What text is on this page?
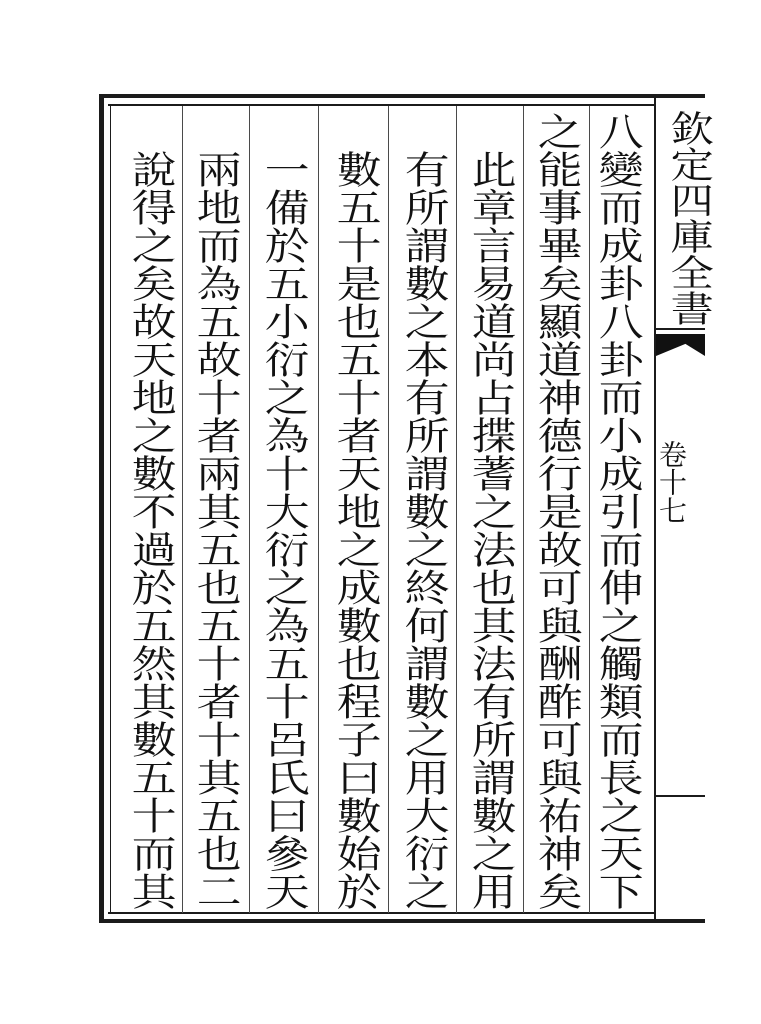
八變而成卦八卦而小成引而伸之觸類而長之天下
之能事畢矣顯道神德行是故可與酬酢可與祐神矣
此章言易道尚占揲蓍之法也其法有所謂數之用
有所謂數之本有所謂數之終何謂數之用大衍之
數五十是也五十者天地之成數也程子曰數始於
一備於五小衍之為十大衍之為五十呂氏曰參天
兩地而為五故十者兩其五也五十者十其五也二
說得之矣故天地之數不過於五然其數五十而其	欽定四庫全書
卷十七
